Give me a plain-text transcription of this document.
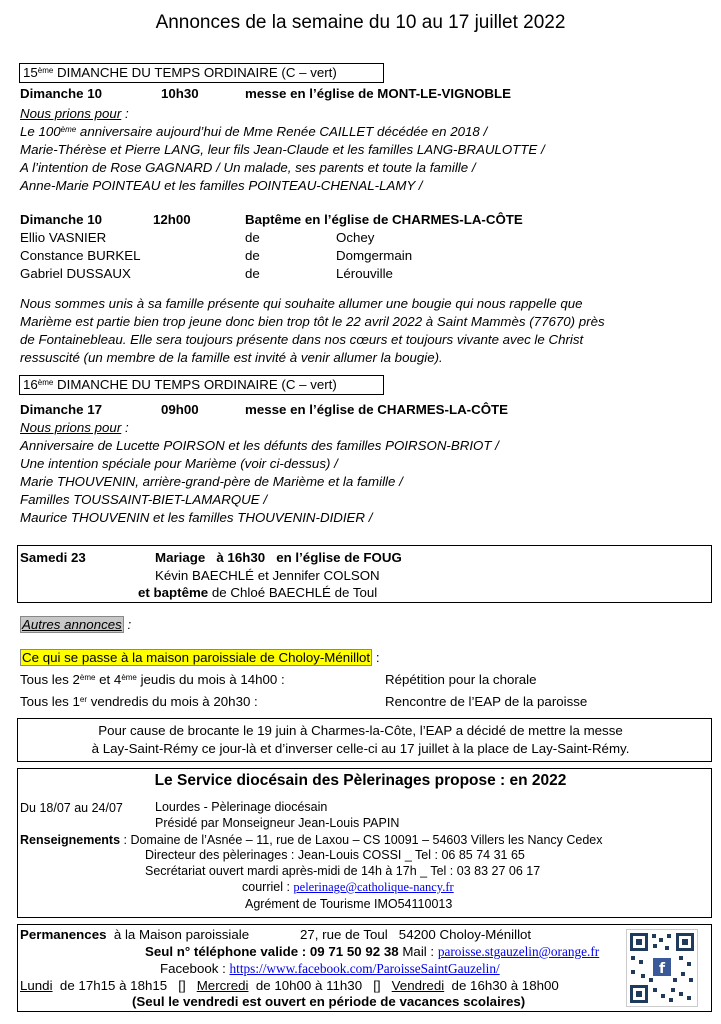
Annonces de la semaine du 10 au 17 juillet 2022
15ème DIMANCHE DU TEMPS ORDINAIRE (C – vert)
Dimanche 10	10h30	messe en l’église de MONT-LE-VIGNOBLE
Nous prions pour :
Le 100ème anniversaire aujourd’hui de Mme Renée CAILLET décédée en 2018 /
Marie-Thérèse et Pierre LANG, leur fils Jean-Claude et les familles LANG-BRAULOTTE /
A l’intention de Rose GAGNARD / Un malade, ses parents et toute la famille /
Anne-Marie POINTEAU et les familles POINTEAU-CHENAL-LAMY /
Dimanche 10	12h00	Baptême en l’église de CHARMES-LA-CÔTE
Ellio VASNIER	de	Ochey
Constance BURKEL	de	Domgermain
Gabriel DUSSAUX	de	Lérouville
Nous sommes unis à sa famille présente qui souhaite allumer une bougie qui nous rappelle que
Marième est partie bien trop jeune donc bien trop tôt le 22 avril 2022 à Saint Mammès (77670) près
de Fontainebleau. Elle sera toujours présente dans nos cœurs et toujours vivante avec le Christ
ressuscité (un membre de la famille est invité à venir allumer la bougie).
16ème DIMANCHE DU TEMPS ORDINAIRE (C – vert)
Dimanche 17	09h00	messe en l’église de CHARMES-LA-CÔTE
Nous prions pour :
Anniversaire de Lucette POIRSON et les défunts des familles POIRSON-BRIOT /
Une intention spéciale pour Marième (voir ci-dessus) /
Marie THOUVENIN, arrière-grand-père de Marième et la famille /
Familles TOUSSAINT-BIET-LAMARQUE /
Maurice THOUVENIN et les familles THOUVENIN-DIDIER /
Samedi 23	Mariage   à 16h30   en l’église de FOUG
Kévin BAECHLÉ et Jennifer COLSON
et baptême de Chloé BAECHLÉ de Toul
Autres annonces :
Ce qui se passe à la maison paroissiale de Choloy-Ménillot :
Tous les 2ème et 4ème jeudis du mois à 14h00 :	Répétition pour la chorale
Tous les 1er vendredis du mois à 20h30 :	Rencontre de l’EAP de la paroisse
Pour cause de brocante le 19 juin à Charmes-la-Côte, l’EAP a décidé de mettre la messe
à Lay-Saint-Rémy ce jour-là et d’inverser celle-ci au 17 juillet à la place de Lay-Saint-Rémy.
Le Service diocésain des Pèlerinages propose : en 2022
Du 18/07 au 24/07	Lourdes - Pèlerinage diocésain
Présidé par Monseigneur Jean-Louis PAPIN
Renseignements : Domaine de l’Asnée – 11, rue de Laxou – CS 10091 – 54603 Villers les Nancy Cedex
Directeur des pèlerinages : Jean-Louis COSSI _ Tel : 06 85 74 31 65
Secrétariat ouvert mardi après-midi de 14h à 17h _ Tel : 03 83 27 06 17
courriel : pelerinage@catholique-nancy.fr
Agrément de Tourisme IMO54110013
Permanences  à la Maison paroissiale	27, rue de Toul   54200 Choloy-Ménillot
Seul n° téléphone valide : 09 71 50 92 38 Mail : paroisse.stgauzelin@orange.fr
Facebook : https://www.facebook.com/ParoisseSaintGauzelin/
Lundi  de 17h15 à 18h15 [] Mercredi  de 10h00 à 11h30 [] Vendredi  de 16h30 à 18h00
(Seul le vendredi est ouvert en période de vacances scolaires)
f
